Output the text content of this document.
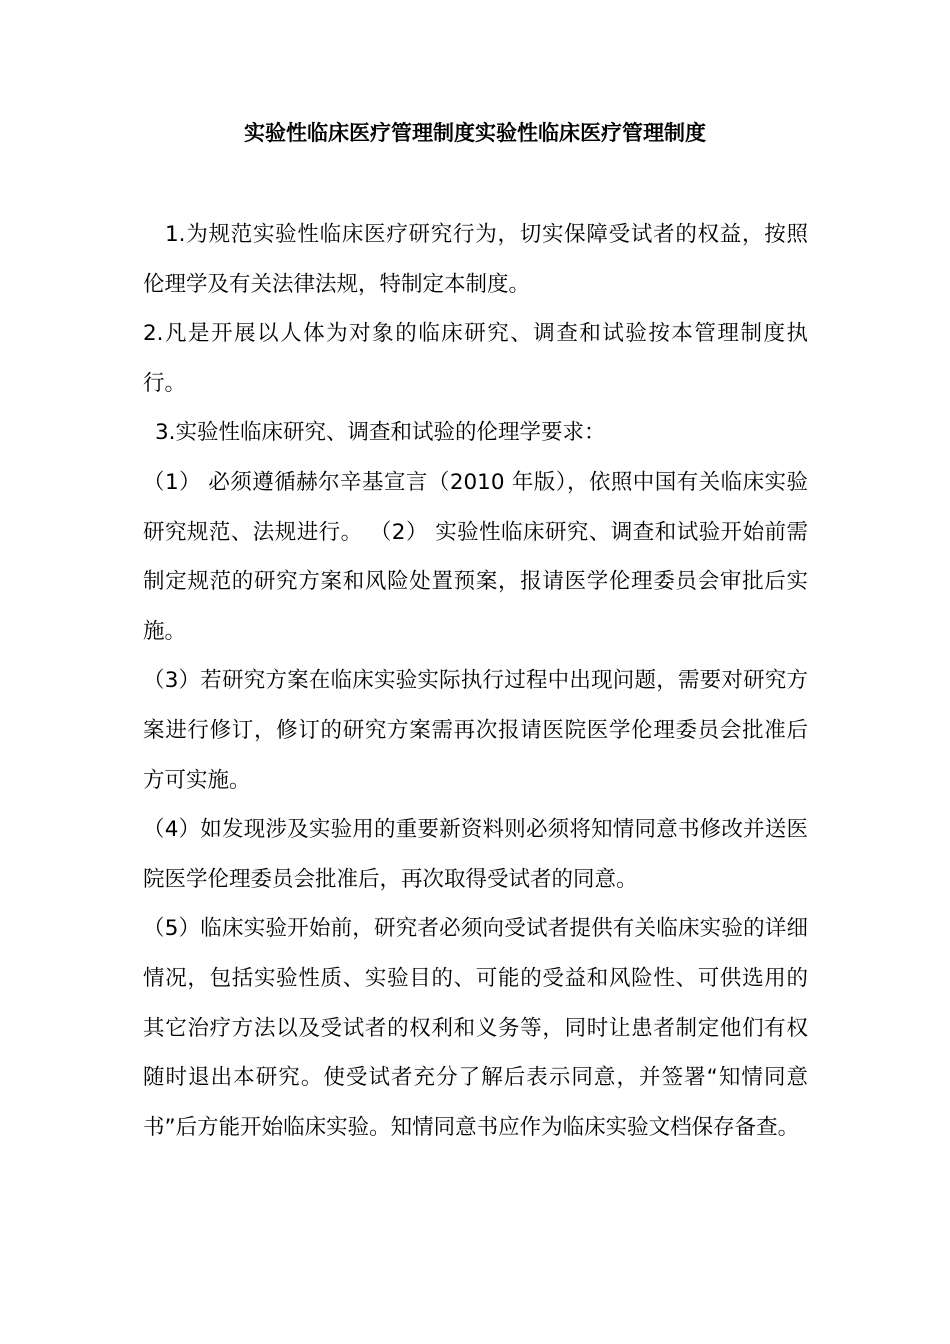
实验性临床医疗管理制度实验性临床医疗管理制度

1.为规范实验性临床医疗研究行为，切实保障受试者的权益，按照伦理学及有关法律法规，特制定本制度。

2.凡是开展以人体为对象的临床研究、调查和试验按本管理制度执行。

3.实验性临床研究、调查和试验的伦理学要求：

（1） 必须遵循赫尔辛基宣言（2010 年版），依照中国有关临床实验研究规范、法规进行。 （2） 实验性临床研究、调查和试验开始前需制定规范的研究方案和风险处置预案，报请医学伦理委员会审批后实施。

（3）若研究方案在临床实验实际执行过程中出现问题，需要对研究方案进行修订，修订的研究方案需再次报请医院医学伦理委员会批准后方可实施。

（4）如发现涉及实验用的重要新资料则必须将知情同意书修改并送医院医学伦理委员会批准后，再次取得受试者的同意。

（5）临床实验开始前，研究者必须向受试者提供有关临床实验的详细情况，包括实验性质、实验目的、可能的受益和风险性、可供选用的其它治疗方法以及受试者的权利和义务等，同时让患者制定他们有权随时退出本研究。使受试者充分了解后表示同意，并签署“知情同意书”后方能开始临床实验。知情同意书应作为临床实验文档保存备查。
